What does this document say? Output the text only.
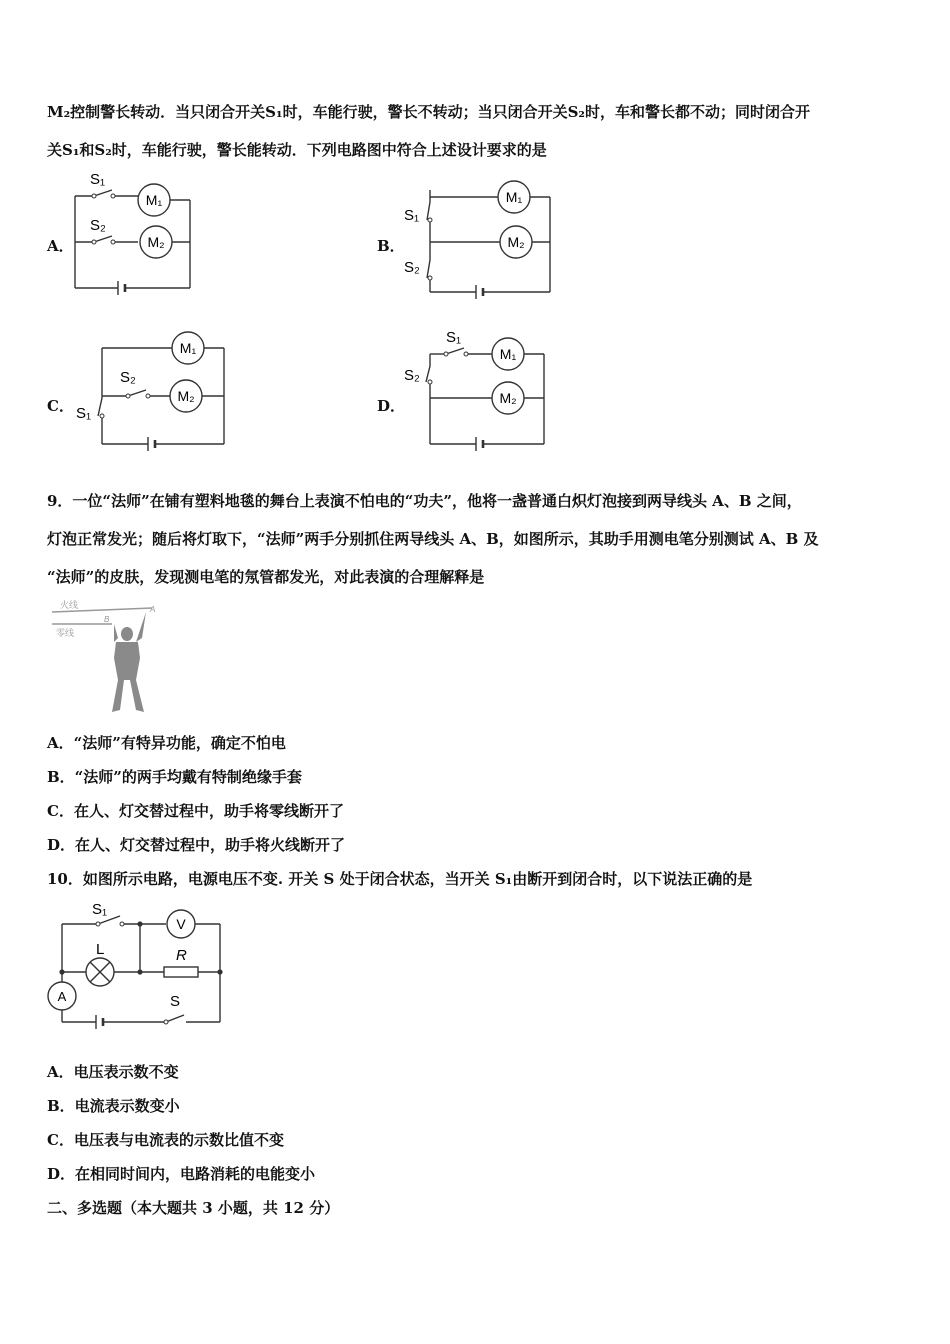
M₂控制警长转动．当只闭合开关S₁时，车能行驶，警长不转动；当只闭合开关S₂时，车和警长都不动；同时闭合开
关S₁和S₂时，车能行驶，警长能转动．下列电路图中符合上述设计要求的是
A．
S₁
S₂
M₁
M₂	B．
S₁
S₂
M₁
M₂
C．
S₂
S₁
M₁
M₂
D．
S₁
S₂
M₁
M₂
9．一位“法师”在铺有塑料地毯的舞台上表演不怕电的“功夫”，他将一盏普通白炽灯泡接到两导线头 A、B 之间，
灯泡正常发光；随后将灯取下，“法师”两手分别抓住两导线头 A、B，如图所示，其助手用测电笔分别测试 A、B 及
“法师”的皮肤，发现测电笔的氖管都发光，对此表演的合理解释是
火线
零线
A
B
A．“法师”有特异功能，确定不怕电
B．“法师”的两手均戴有特制绝缘手套
C．在人、灯交替过程中，助手将零线断开了
D．在人、灯交替过程中，助手将火线断开了
10．如图所示电路，电源电压不变. 开关 S 处于闭合状态，当开关 S₁由断开到闭合时，以下说法正确的是
S₁
V
L	R
A	S
A．电压表示数不变
B．电流表示数变小
C．电压表与电流表的示数比值不变
D．在相同时间内，电路消耗的电能变小
二、多选题（本大题共 3 小题，共 12 分）
